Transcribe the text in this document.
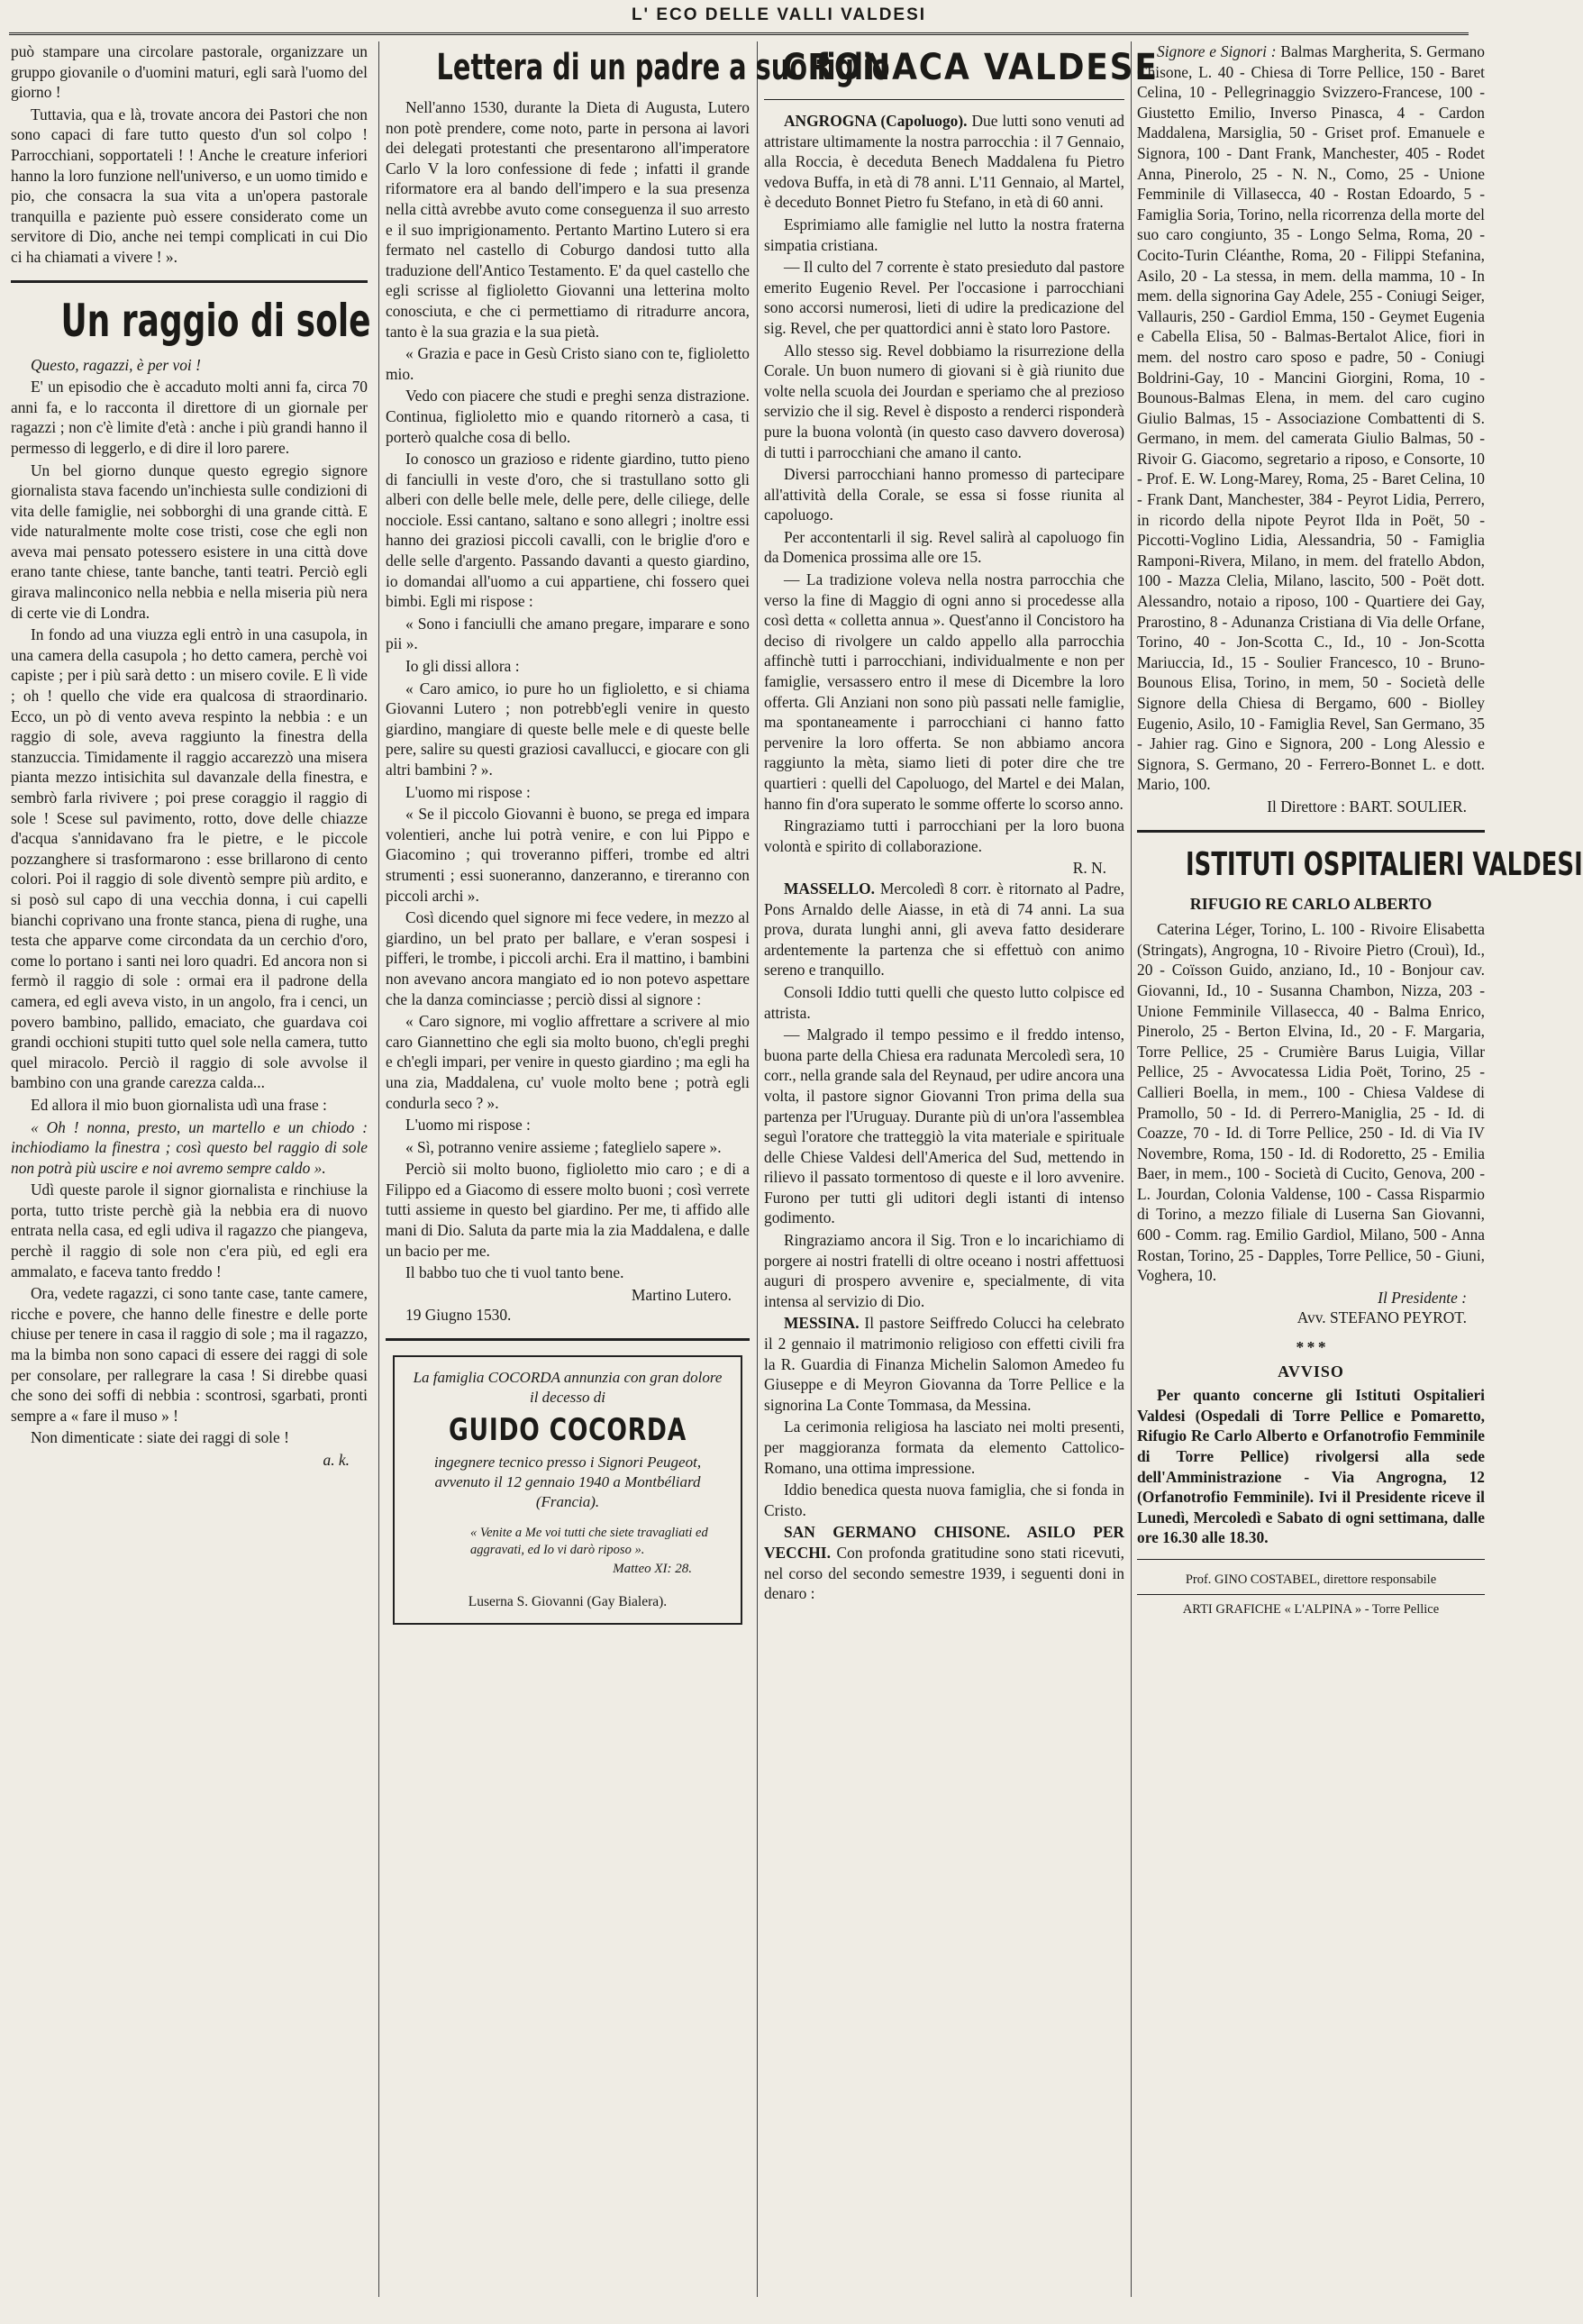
L' ECO DELLE VALLI VALDESI

può stampare una circolare pastorale, organizzare un gruppo giovanile o d'uomini maturi, egli sarà l'uomo del giorno !

Tuttavia, qua e là, trovate ancora dei Pastori che non sono capaci di fare tutto questo d'un sol colpo ! Parrocchiani, sopportateli ! ! Anche le creature inferiori hanno la loro funzione nell'universo, e un uomo timido e pio, che consacra la sua vita a un'opera pastorale tranquilla e paziente può essere considerato come un servitore di Dio, anche nei tempi complicati in cui Dio ci ha chiamati a vivere ! ».

Un raggio di sole

Questo, ragazzi, è per voi !

E' un episodio che è accaduto molti anni fa, circa 70 anni fa, e lo racconta il direttore di un giornale per ragazzi ; non c'è limite d'età : anche i più grandi hanno il permesso di leggerlo, e di dire il loro parere.

Un bel giorno dunque questo egregio signore giornalista stava facendo un'inchiesta sulle condizioni di vita delle famiglie, nei sobborghi di una grande città. E vide naturalmente molte cose tristi, cose che egli non aveva mai pensato potessero esistere in una città dove erano tante chiese, tante banche, tanti teatri. Perciò egli girava malinconico nella nebbia e nella miseria più nera di certe vie di Londra.

In fondo ad una viuzza egli entrò in una casupola, in una camera della casupola ; ho detto camera, perchè voi capiste ; per i più sarà detto : un misero covile. E lì vide ; oh ! quello che vide era qualcosa di straordinario. Ecco, un pò di vento aveva respinto la nebbia : e un raggio di sole, aveva raggiunto la finestra della stanzuccia. Timidamente il raggio accarezzò una misera pianta mezzo intisichita sul davanzale della finestra, e sembrò farla rivivere ; poi prese coraggio il raggio di sole ! Scese sul pavimento, rotto, dove delle chiazze d'acqua s'annidavano fra le pietre, e le piccole pozzanghere si trasformarono : esse brillarono di cento colori. Poi il raggio di sole diventò sempre più ardito, e si posò sul capo di una vecchia donna, i cui capelli bianchi coprivano una fronte stanca, piena di rughe, una testa che apparve come circondata da un cerchio d'oro, come lo portano i santi nei loro quadri. Ed ancora non si fermò il raggio di sole : ormai era il padrone della camera, ed egli aveva visto, in un angolo, fra i cenci, un povero bambino, pallido, emaciato, che guardava coi grandi occhioni stupiti tutto quel sole nella camera, tutto quel miracolo. Perciò il raggio di sole avvolse il bambino con una grande carezza calda...

Ed allora il mio buon giornalista udì una frase :

« Oh ! nonna, presto, un martello e un chiodo : inchiodiamo la finestra ; così questo bel raggio di sole non potrà più uscire e noi avremo sempre caldo ».

Udì queste parole il signor giornalista e rinchiuse la porta, tutto triste perchè già la nebbia era di nuovo entrata nella casa, ed egli udiva il ragazzo che piangeva, perchè il raggio di sole non c'era più, ed egli era ammalato, e faceva tanto freddo !

Ora, vedete ragazzi, ci sono tante case, tante camere, ricche e povere, che hanno delle finestre e delle porte chiuse per tenere in casa il raggio di sole ; ma il ragazzo, ma la bimba non sono capaci di essere dei raggi di sole per consolare, per rallegrare la casa ! Si direbbe quasi che sono dei soffi di nebbia : scontrosi, sgarbati, pronti sempre a « fare il muso » !

Non dimenticate : siate dei raggi di sole !

a. k.
Lettera di un padre a suo figlio

Nell'anno 1530, durante la Dieta di Augusta, Lutero non potè prendere, come noto, parte in persona ai lavori dei delegati protestanti che presentarono all'imperatore Carlo V la loro confessione di fede ; infatti il grande riformatore era al bando dell'impero e la sua presenza nella città avrebbe avuto come conseguenza il suo arresto e il suo imprigionamento. Pertanto Martino Lutero si era fermato nel castello di Coburgo dandosi tutto alla traduzione dell'Antico Testamento. E' da quel castello che egli scrisse al figlioletto Giovanni una letterina molto conosciuta, e che ci permettiamo di ritradurre ancora, tanto è la sua grazia e la sua pietà.

« Grazia e pace in Gesù Cristo siano con te, figlioletto mio.

Vedo con piacere che studi e preghi senza distrazione. Continua, figlioletto mio e quando ritornerò a casa, ti porterò qualche cosa di bello.

Io conosco un grazioso e ridente giardino, tutto pieno di fanciulli in veste d'oro, che si trastullano sotto gli alberi con delle belle mele, delle pere, delle ciliege, delle nocciole. Essi cantano, saltano e sono allegri ; inoltre essi hanno dei graziosi piccoli cavalli, con le briglie d'oro e delle selle d'argento. Passando davanti a questo giardino, io domandai all'uomo a cui appartiene, chi fossero quei bimbi. Egli mi rispose :

« Sono i fanciulli che amano pregare, imparare e sono pii ».

Io gli dissi allora :

« Caro amico, io pure ho un figlioletto, e si chiama Giovanni Lutero ; non potrebb'egli venire in questo giardino, mangiare di queste belle mele e di queste belle pere, salire su questi graziosi cavallucci, e giocare con gli altri bambini ? ».

L'uomo mi rispose :

« Se il piccolo Giovanni è buono, se prega ed impara volentieri, anche lui potrà venire, e con lui Pippo e Giacomino ; qui troveranno pifferi, trombe ed altri strumenti ; essi suoneranno, danzeranno, e tireranno con piccoli archi ».

Così dicendo quel signore mi fece vedere, in mezzo al giardino, un bel prato per ballare, e v'eran sospesi i pifferi, le trombe, i piccoli archi. Era il mattino, i bambini non avevano ancora mangiato ed io non potevo aspettare che la danza cominciasse ; perciò dissi al signore :

« Caro signore, mi voglio affrettare a scrivere al mio caro Giannettino che egli sia molto buono, ch'egli preghi e ch'egli impari, per venire in questo giardino ; ma egli ha una zia, Maddalena, cu' vuole molto bene ; potrà egli condurla seco ? ».

L'uomo mi rispose :

« Sì, potranno venire assieme ; fateglielo sapere ».

Perciò sii molto buono, figlioletto mio caro ; e di a Filippo ed a Giacomo di essere molto buoni ; così verrete tutti assieme in questo bel giardino. Per me, ti affido alle mani di Dio. Saluta da parte mia la zia Maddalena, e dalle un bacio per me.

Il babbo tuo che ti vuol tanto bene.

Martino Lutero.

19 Giugno 1530.

La famiglia COCORDA annunzia con gran dolore il decesso di
GUIDO COCORDA
ingegnere tecnico presso i Signori Peugeot, avvenuto il 12 gennaio 1940 a Montbéliard (Francia).
« Venite a Me voi tutti che siete travagliati ed aggravati, ed Io vi darò riposo ».
Matteo XI: 28.
Luserna S. Giovanni (Gay Bialera).
CRONACA VALDESE

ANGROGNA (Capoluogo). Due lutti sono venuti ad attristare ultimamente la nostra parrocchia : il 7 Gennaio, alla Roccia, è deceduta Benech Maddalena fu Pietro vedova Buffa, in età di 78 anni. L'11 Gennaio, al Martel, è deceduto Bonnet Pietro fu Stefano, in età di 60 anni.

Esprimiamo alle famiglie nel lutto la nostra fraterna simpatia cristiana.

— Il culto del 7 corrente è stato presieduto dal pastore emerito Eugenio Revel. Per l'occasione i parrocchiani sono accorsi numerosi, lieti di udire la predicazione del sig. Revel, che per quattordici anni è stato loro Pastore.

Allo stesso sig. Revel dobbiamo la risurrezione della Corale. Un buon numero di giovani si è già riunito due volte nella scuola dei Jourdan e speriamo che al prezioso servizio che il sig. Revel è disposto a renderci risponderà pure la buona volontà (in questo caso davvero doverosa) di tutti i parrocchiani che amano il canto.

Diversi parrocchiani hanno promesso di partecipare all'attività della Corale, se essa si fosse riunita al capoluogo.

Per accontentarli il sig. Revel salirà al capoluogo fin da Domenica prossima alle ore 15.

— La tradizione voleva nella nostra parrocchia che verso la fine di Maggio di ogni anno si procedesse alla così detta « colletta annua ». Quest'anno il Concistoro ha deciso di rivolgere un caldo appello alla parrocchia affinchè tutti i parrocchiani, individualmente e non per famiglie, versassero entro il mese di Dicembre la loro offerta. Gli Anziani non sono più passati nelle famiglie, ma spontaneamente i parrocchiani ci hanno fatto pervenire la loro offerta. Se non abbiamo ancora raggiunto la mèta, siamo lieti di poter dire che tre quartieri : quelli del Capoluogo, del Martel e dei Malan, hanno fin d'ora superato le somme offerte lo scorso anno.

Ringraziamo tutti i parrocchiani per la loro buona volontà e spirito di collaborazione.

R. N.

MASSELLO. Mercoledì 8 corr. è ritornato al Padre, Pons Arnaldo delle Aiasse, in età di 74 anni. La sua prova, durata lunghi anni, gli aveva fatto desiderare ardentemente la partenza che si effettuò con animo sereno e tranquillo.

Consoli Iddio tutti quelli che questo lutto colpisce ed attrista.

— Malgrado il tempo pessimo e il freddo intenso, buona parte della Chiesa era radunata Mercoledì sera, 10 corr., nella grande sala del Reynaud, per udire ancora una volta, il pastore signor Giovanni Tron prima della sua partenza per l'Uruguay. Durante più di un'ora l'assemblea seguì l'oratore che tratteggiò la vita materiale e spirituale delle Chiese Valdesi dell'America del Sud, mettendo in rilievo il passato tormentoso di queste e il loro avvenire. Furono per tutti gli uditori degli istanti di intenso godimento.

Ringraziamo ancora il Sig. Tron e lo incarichiamo di porgere ai nostri fratelli di oltre oceano i nostri affettuosi auguri di prospero avvenire e, specialmente, di vita intensa al servizio di Dio.

MESSINA. Il pastore Seiffredo Colucci ha celebrato il 2 gennaio il matrimonio religioso con effetti civili fra la R. Guardia di Finanza Michelin Salomon Amedeo fu Giuseppe e di Meyron Giovanna da Torre Pellice e la signorina La Conte Tommasa, da Messina.

La cerimonia religiosa ha lasciato nei molti presenti, per maggioranza formata da elemento Cattolico-Romano, una ottima impressione.

Iddio benedica questa nuova famiglia, che si fonda in Cristo.

SAN GERMANO CHISONE. ASILO PER VECCHI. Con profonda gratitudine sono stati ricevuti, nel corso del secondo semestre 1939, i seguenti doni in denaro :

Signore e Signori : Balmas Margherita, S. Germano Chisone, L. 40 - Chiesa di Torre Pellice, 150 - Baret Celina, 10 - Pellegrinaggio Svizzero-Francese, 100 - Giustetto Emilio, Inverso Pinasca, 4 - Cardon Maddalena, Marsiglia, 50 - Griset prof. Emanuele e Signora, 100 - Dant Frank, Manchester, 405 - Rodet Anna, Pinerolo, 25 - N. N., Como, 25 - Unione Femminile di Villasecca, 40 - Rostan Edoardo, 5 - Famiglia Soria, Torino, nella ricorrenza della morte del suo caro congiunto, 35 - Longo Selma, Roma, 20 - Cocito-Turin Cléanthe, Roma, 20 - Filippi Stefanina, Asilo, 20 - La stessa, in mem. della mamma, 10 - In mem. della signorina Gay Adele, 255 - Coniugi Seiger, Vallauris, 250 - Gardiol Emma, 150 - Geymet Eugenia e Cabella Elisa, 50 - Balmas-Bertalot Alice, fiori in mem. del nostro caro sposo e padre, 50 - Coniugi Boldrini-Gay, 10 - Mancini Giorgini, Roma, 10 - Bounous-Balmas Elena, in mem. del caro cugino Giulio Balmas, 15 - Associazione Combattenti di S. Germano, in mem. del camerata Giulio Balmas, 50 - Rivoir G. Giacomo, segretario a riposo, e Consorte, 10 - Prof. E. W. Long-Marey, Roma, 25 - Baret Celina, 10 - Frank Dant, Manchester, 384 - Peyrot Lidia, Perrero, in ricordo della nipote Peyrot Ilda in Poët, 50 - Piccotti-Voglino Lidia, Alessandria, 50 - Famiglia Ramponi-Rivera, Milano, in mem. del fratello Abdon, 100 - Mazza Clelia, Milano, lascito, 500 - Poët dott. Alessandro, notaio a riposo, 100 - Quartiere dei Gay, Prarostino, 8 - Adunanza Cristiana di Via delle Orfane, Torino, 40 - Jon-Scotta C., Id., 10 - Jon-Scotta Mariuccia, Id., 15 - Soulier Francesco, 10 - Bruno-Bounous Elisa, Torino, in mem, 50 - Società delle Signore della Chiesa di Bergamo, 600 - Biolley Eugenio, Asilo, 10 - Famiglia Revel, San Germano, 35 - Jahier rag. Gino e Signora, 200 - Long Alessio e Signora, S. Germano, 20 - Ferrero-Bonnet L. e dott. Mario, 100.

Il Direttore : BART. SOULIER.
ISTITUTI OSPITALIERI VALDESI
RIFUGIO RE CARLO ALBERTO

Caterina Léger, Torino, L. 100 - Rivoire Elisabetta (Stringats), Angrogna, 10 - Rivoire Pietro (Crouì), Id., 20 - Coïsson Guido, anziano, Id., 10 - Bonjour cav. Giovanni, Id., 10 - Susanna Chambon, Nizza, 203 - Unione Femminile Villasecca, 40 - Balma Enrico, Pinerolo, 25 - Berton Elvina, Id., 20 - F. Margaria, Torre Pellice, 25 - Crumière Barus Luigia, Villar Pellice, 25 - Avvocatessa Lidia Poët, Torino, 25 - Callieri Boella, in mem., 100 - Chiesa Valdese di Pramollo, 50 - Id. di Perrero-Maniglia, 25 - Id. di Coazze, 70 - Id. di Torre Pellice, 250 - Id. di Via IV Novembre, Roma, 150 - Id. di Rodoretto, 25 - Emilia Baer, in mem., 100 - Società di Cucito, Genova, 200 - L. Jourdan, Colonia Valdense, 100 - Cassa Risparmio di Torino, a mezzo filiale di Luserna San Giovanni, 600 - Comm. rag. Emilio Gardiol, Milano, 500 - Anna Rostan, Torino, 25 - Dapples, Torre Pellice, 50 - Giuni, Voghera, 10.

Il Presidente :
Avv. STEFANO PEYROT.
* * *
AVVISO

Per quanto concerne gli Istituti Ospitalieri Valdesi (Ospedali di Torre Pellice e Pomaretto, Rifugio Re Carlo Alberto e Orfanotrofio Femminile di Torre Pellice) rivolgersi alla sede dell'Amministrazione - Via Angrogna, 12 (Orfanotrofio Femminile). Ivi il Presidente riceve il Lunedì, Mercoledì e Sabato di ogni settimana, dalle ore 16.30 alle 18.30.

Prof. GINO COSTABEL, direttore responsabile
ARTI GRAFICHE « L'ALPINA » - Torre Pellice
